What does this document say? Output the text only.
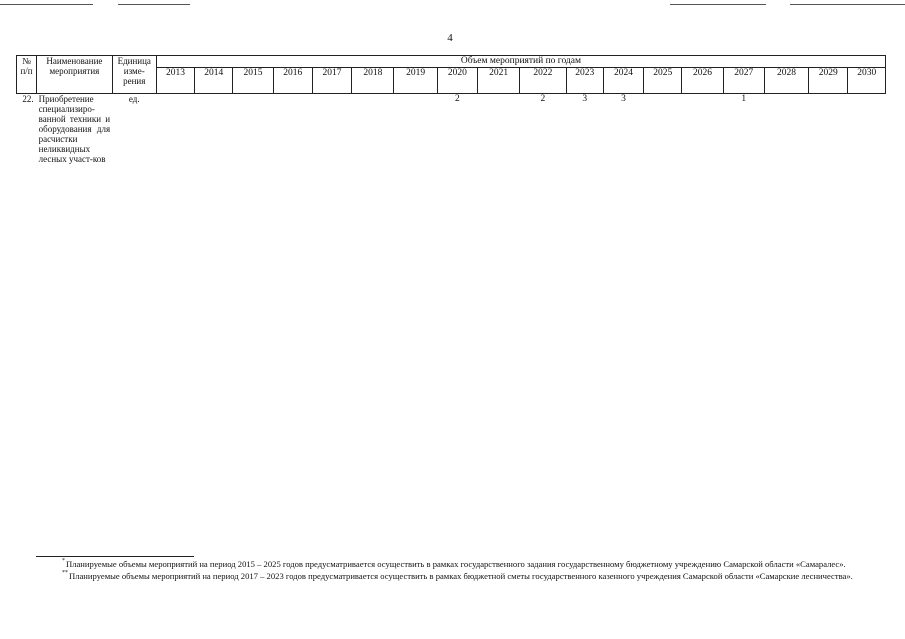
4
№ п/п	Наименование мероприятия	Единица изме-рения	Объем мероприятий по годам																	
			2013	2014	2015	2016	2017	2018	2019	2020	2021	2022	2023	2024	2025	2026	2027	2028	2029	2030
22.	Приобретение специализиро-ванной техники и оборудования для расчистки неликвидных лесных участ-ков	ед.								2		2	3	3			1			

*Планируемые объемы мероприятий на период 2015 – 2025 годов предусматривается осуществить в рамках государственного задания государственному бюджетному учреждению Самарской области «Самаралес».

**Планируемые объемы мероприятий на период 2017 – 2023 годов предусматривается осуществить в рамках бюджетной сметы государственного казенного учреждения Самарской области «Самарские лесничества».
